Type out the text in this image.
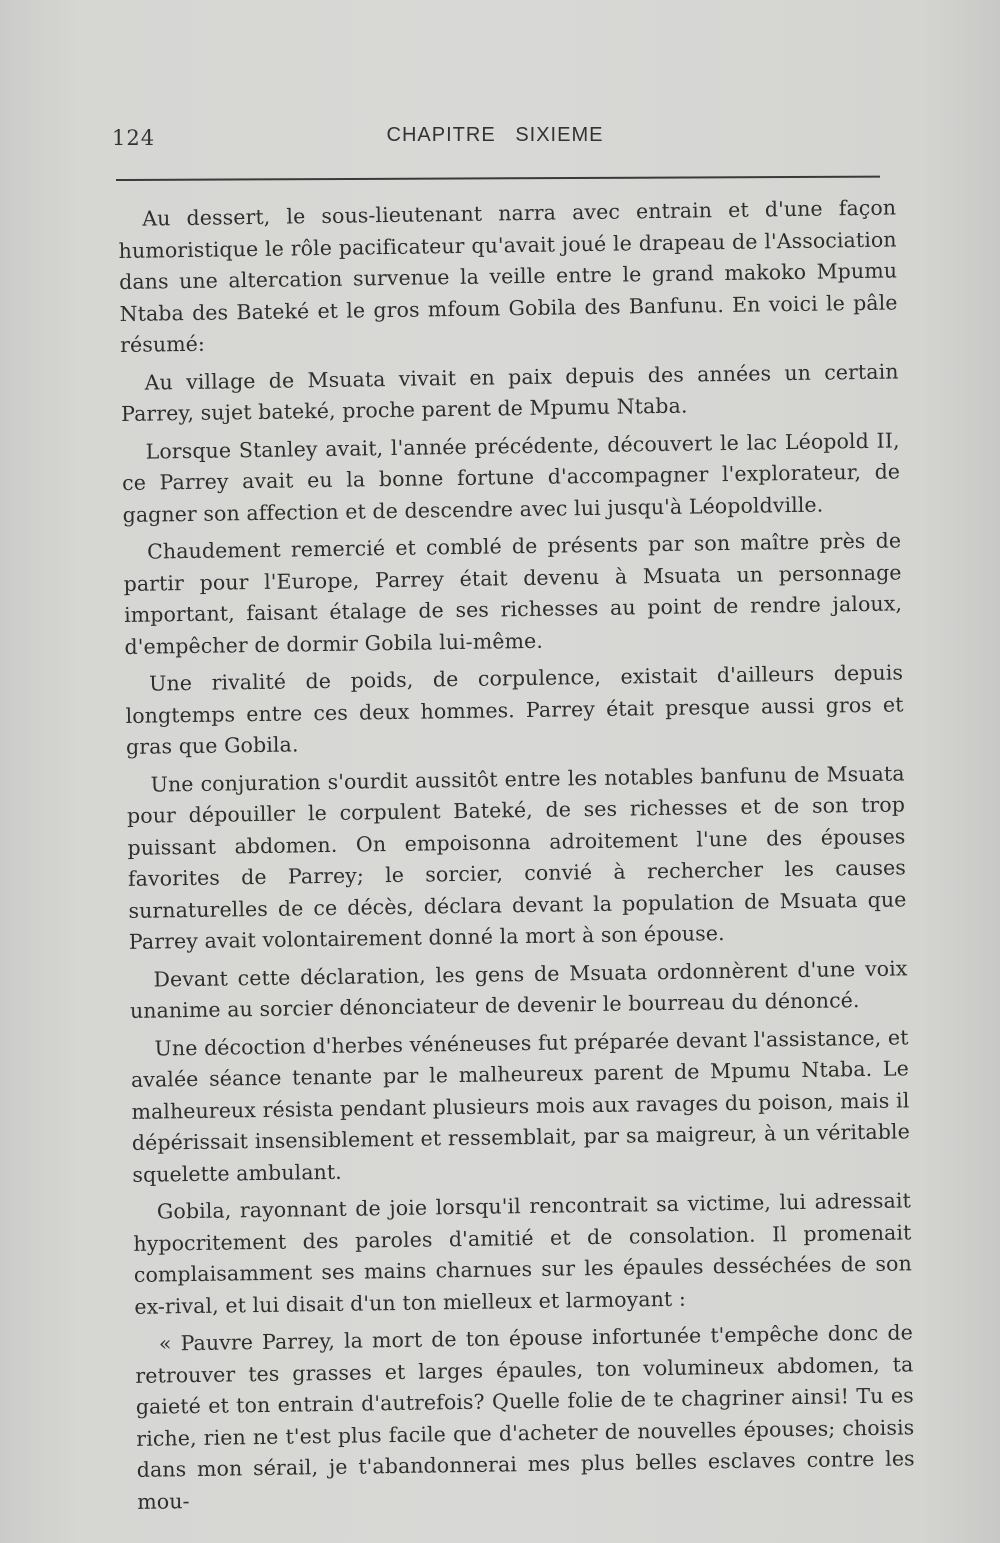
124	CHAPITRE   SIXIEME

Au dessert, le sous-lieutenant narra avec entrain et d'une façon humoristique le rôle pacificateur qu'avait joué le drapeau de l'Association dans une altercation survenue la veille entre le grand makoko Mpumu Ntaba des Bateké et le gros mfoum Gobila des Banfunu. En voici le pâle résumé:

Au village de Msuata vivait en paix depuis des années un certain Parrey, sujet bateké, proche parent de Mpumu Ntaba.

Lorsque Stanley avait, l'année précédente, découvert le lac Léopold II, ce Parrey avait eu la bonne fortune d'accompagner l'explorateur, de gagner son affection et de descendre avec lui jusqu'à Léopoldville.

Chaudement remercié et comblé de présents par son maître près de partir pour l'Europe, Parrey était devenu à Msuata un personnage important, faisant étalage de ses richesses au point de rendre jaloux, d'empêcher de dormir Gobila lui-même.

Une rivalité de poids, de corpulence, existait d'ailleurs depuis longtemps entre ces deux hommes. Parrey était presque aussi gros et gras que Gobila.

Une conjuration s'ourdit aussitôt entre les notables banfunu de Msuata pour dépouiller le corpulent Bateké, de ses richesses et de son trop puissant abdomen. On empoisonna adroitement l'une des épouses favorites de Parrey; le sorcier, convié à rechercher les causes surnaturelles de ce décès, déclara devant la population de Msuata que Parrey avait volontairement donné la mort à son épouse.

Devant cette déclaration, les gens de Msuata ordonnèrent d'une voix unanime au sorcier dénonciateur de devenir le bourreau du dénoncé.

Une décoction d'herbes vénéneuses fut préparée devant l'assistance, et avalée séance tenante par le malheureux parent de Mpumu Ntaba. Le malheureux résista pendant plusieurs mois aux ravages du poison, mais il dépérissait insensiblement et ressemblait, par sa maigreur, à un véritable squelette ambulant.

Gobila, rayonnant de joie lorsqu'il rencontrait sa victime, lui adressait hypocritement des paroles d'amitié et de consolation. Il promenait complaisamment ses mains charnues sur les épaules desséchées de son ex-rival, et lui disait d'un ton mielleux et larmoyant :

« Pauvre Parrey, la mort de ton épouse infortunée t'empêche donc de retrouver tes grasses et larges épaules, ton volumineux abdomen, ta gaieté et ton entrain d'autrefois? Quelle folie de te chagriner ainsi! Tu es riche, rien ne t'est plus facile que d'acheter de nouvelles épouses; choisis dans mon sérail, je t'abandonnerai mes plus belles esclaves contre les mou-
